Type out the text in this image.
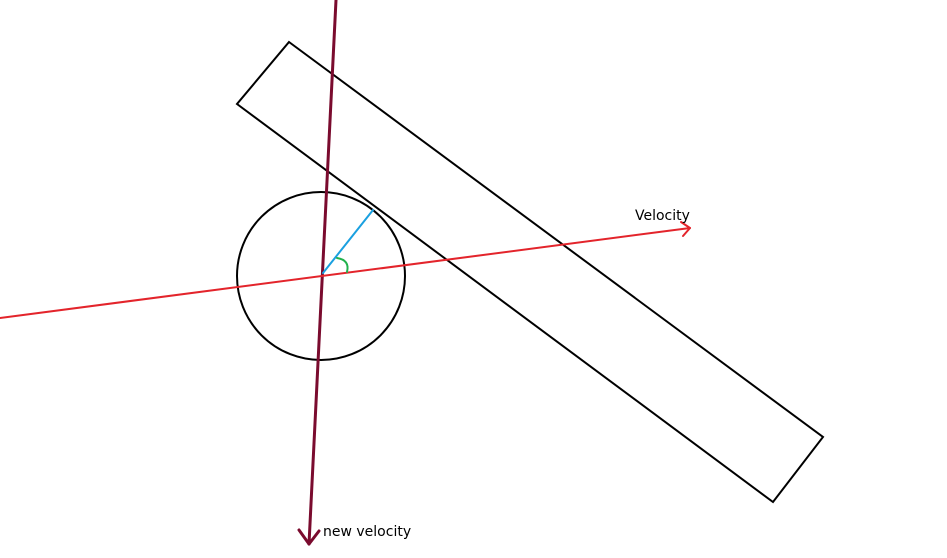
Velocity
new velocity
